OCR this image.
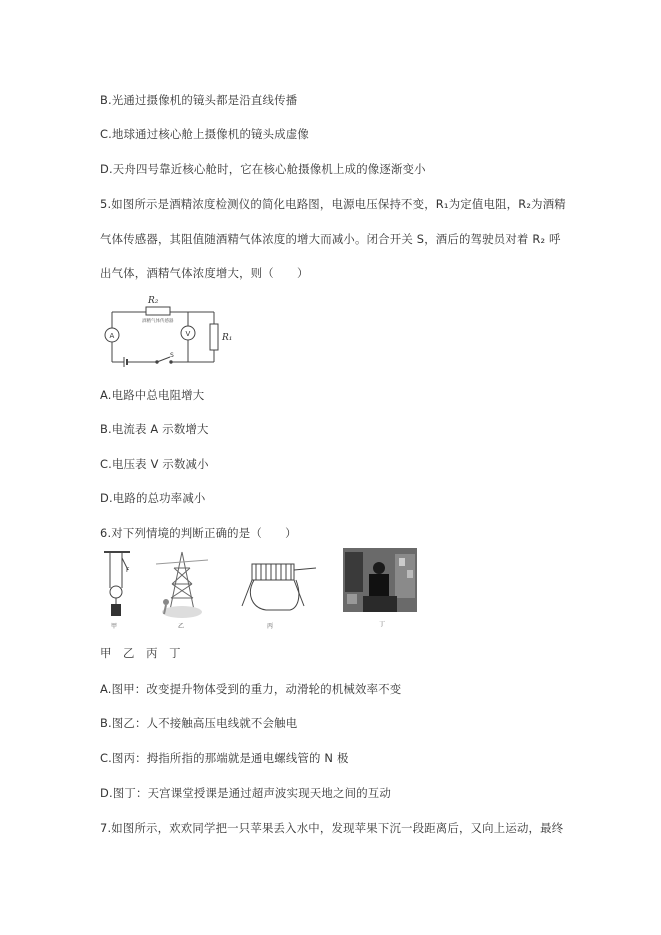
B.光通过摄像机的镜头都是沿直线传播
C.地球通过核心舱上摄像机的镜头成虚像
D.天舟四号靠近核心舱时，它在核心舱摄像机上成的像逐渐变小
5.如图所示是酒精浓度检测仪的简化电路图，电源电压保持不变，R₁为定值电阻，R₂为酒精
气体传感器，其阻值随酒精气体浓度的增大而减小。闭合开关 S，酒后的驾驶员对着 R₂ 呼
出气体，酒精气体浓度增大，则（　　）
R₂
酒精气体传感器
A	V	R₁
S
A.电路中总电阻增大
B.电流表 A 示数增大
C.电压表 V 示数减小
D.电路的总功率减小
6.对下列情境的判断正确的是（　　）
F
甲	乙	丙	丁
甲 乙 丙 丁
A.图甲：改变提升物体受到的重力，动滑轮的机械效率不变
B.图乙：人不接触高压电线就不会触电
C.图丙：拇指所指的那端就是通电螺线管的 N 极
D.图丁：天宫课堂授课是通过超声波实现天地之间的互动
7.如图所示，欢欢同学把一只苹果丢入水中，发现苹果下沉一段距离后，又向上运动，最终
